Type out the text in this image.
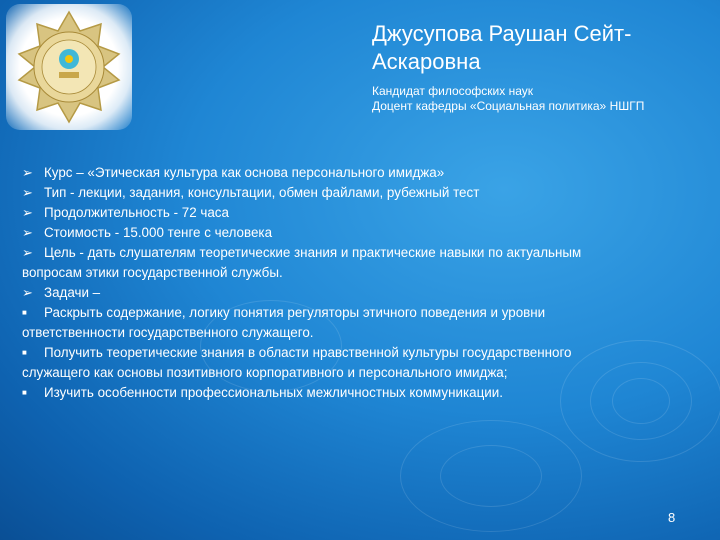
Джусупова Раушан Сейт-Аскаровна
Кандидат философских наук
Доцент кафедры «Социальная политика» НШГП

➢ Курс – «Этическая культура как основа персонального имиджа»

➢ Тип - лекции, задания, консультации, обмен файлами, рубежный тест

➢ Продолжительность - 72 часа

➢ Стоимость - 15.000 тенге с человека

➢ Цель - дать слушателям теоретические знания и практические навыки по актуальным вопросам этики государственной службы.

➢ Задачи –

■ Раскрыть содержание, логику понятия регуляторы этичного поведения и уровни ответственности государственного служащего.

■ Получить теоретические знания в области нравственной культуры государственного служащего как основы позитивного корпоративного и персонального имиджа;

■ Изучить особенности профессиональных межличностных коммуникации.

8
